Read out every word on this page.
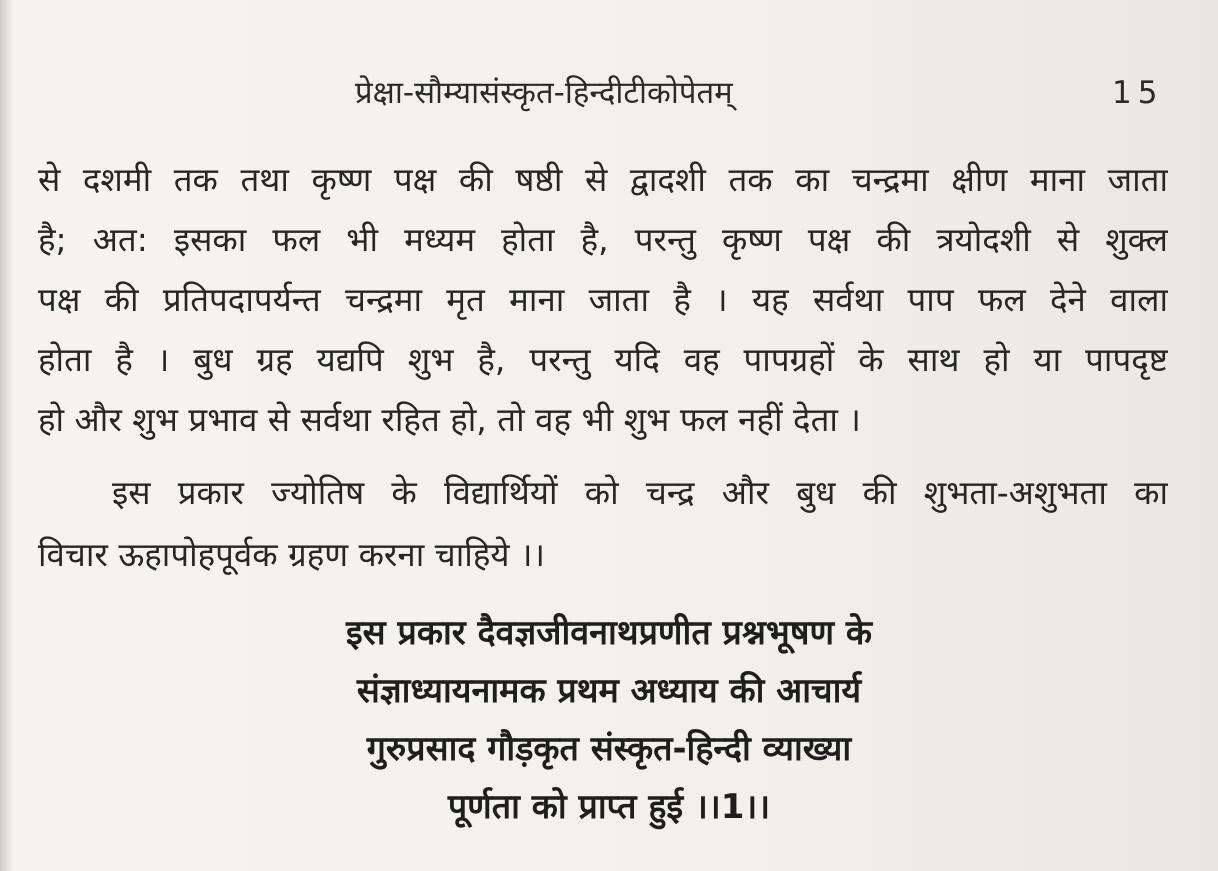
प्रेक्षा-सौम्यासंस्कृत-हिन्दीटीकोपेतम्	15
से दशमी तक तथा कृष्ण पक्ष की षष्ठी से द्वादशी तक का चन्द्रमा क्षीण माना जाता
है; अत: इसका फल भी मध्यम होता है, परन्तु कृष्ण पक्ष की त्रयोदशी से शुक्ल
पक्ष की प्रतिपदापर्यन्त चन्द्रमा मृत माना जाता है । यह सर्वथा पाप फल देने वाला
होता है । बुध ग्रह यद्यपि शुभ है, परन्तु यदि वह पापग्रहों के साथ हो या पापदृष्ट
हो और शुभ प्रभाव से सर्वथा रहित हो, तो वह भी शुभ फल नहीं देता ।
इस प्रकार ज्योतिष के विद्यार्थियों को चन्द्र और बुध की शुभता-अशुभता का
विचार ऊहापोहपूर्वक ग्रहण करना चाहिये ।।
इस प्रकार दैवज्ञजीवनाथप्रणीत प्रश्नभूषण के
संज्ञाध्यायनामक प्रथम अध्याय की आचार्य
गुरुप्रसाद गौड़कृत संस्कृत-हिन्दी व्याख्या
पूर्णता को प्राप्त हुई ।।1।।
